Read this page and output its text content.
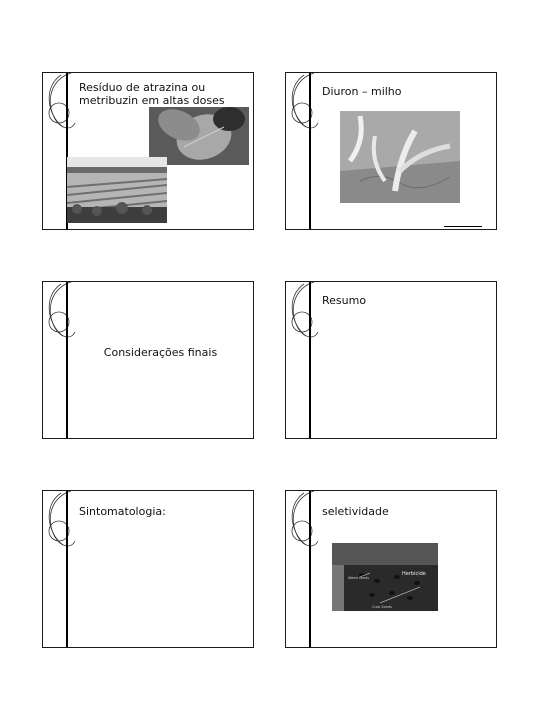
Resíduo de atrazina ou metribuzin em altas doses
Diuron – milho
Considerações finais
Resumo
Sintomatologia:	seletividade
Herbicide
Weed seeds
Crop Seeds
